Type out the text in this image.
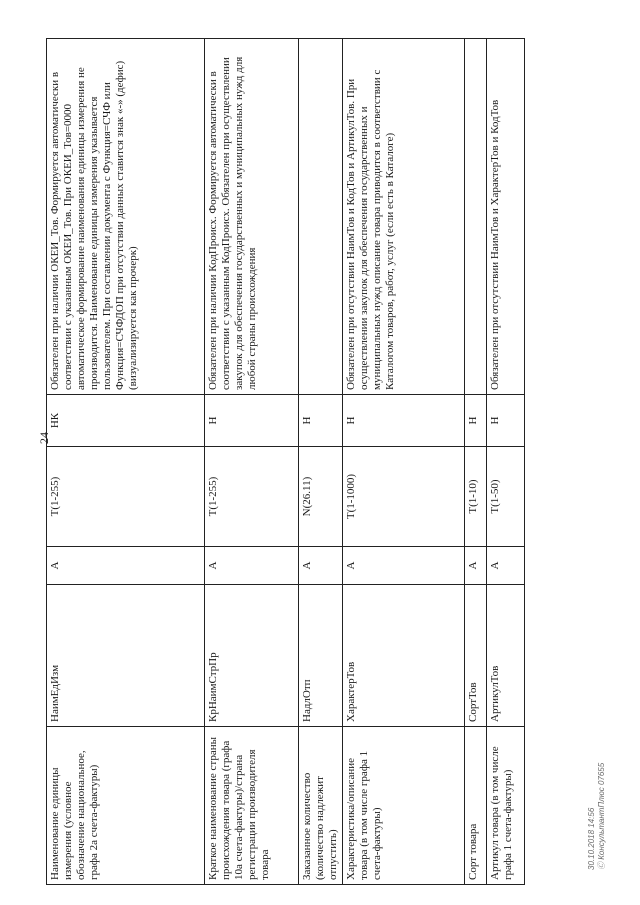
24
30.10.2018 14:56 Ⓒ КонсультантПлюс 07655
Наименование единицы измерения (условное обозначение национальное, графа 2а счета-фактуры)	НаимЕдИзм	А	Т(1-255)	НК	Обязателен при наличии ОКЕИ_Тов. Формируется автоматически в соответствии с указанным ОКЕИ_Тов. При ОКЕИ_Тов=0000 автоматическое формирование наименования единицы измерения не производится. Наименование единицы измерения указывается пользователем. При составлении документа с Функция=СЧФ или Функция=СЧФДОП при отсутствии данных ставится знак «-» (дефис) (визуализируется как прочерк)
Краткое наименование страны происхождения товара (графа 10а счета-фактуры)/страна регистрации производителя товара	КрНаимСтрПр	А	Т(1-255)	Н	Обязателен при наличии КодПроисх. Формируется автоматически в соответствии с указанным КодПроисх. Обязателен при осуществлении закупок для обеспечения государственных и муниципальных нужд для любой страны происхождения
Заказанное количество (количество надлежит отпустить)	НадлОтп	А	N(26.11)	Н	
Характеристика/описание товара (в том числе графа 1 счета-фактуры)	ХарактерТов	А	Т(1-1000)	Н	Обязателен при отсутствии НаимТов и КодТов и АртикулТов. При осуществлении закупок для обеспечения государственных и муниципальных нужд описание товара приводится в соответствии с Каталогом товаров, работ, услуг (если есть в Каталоге)
Сорт товара	СортТов	А	Т(1-10)	Н	
Артикул товара (в том числе графа 1 счета-фактуры)	АртикулТов	А	Т(1-50)	Н	Обязателен при отсутствии НаимТов и ХарактерТов и КодТов
